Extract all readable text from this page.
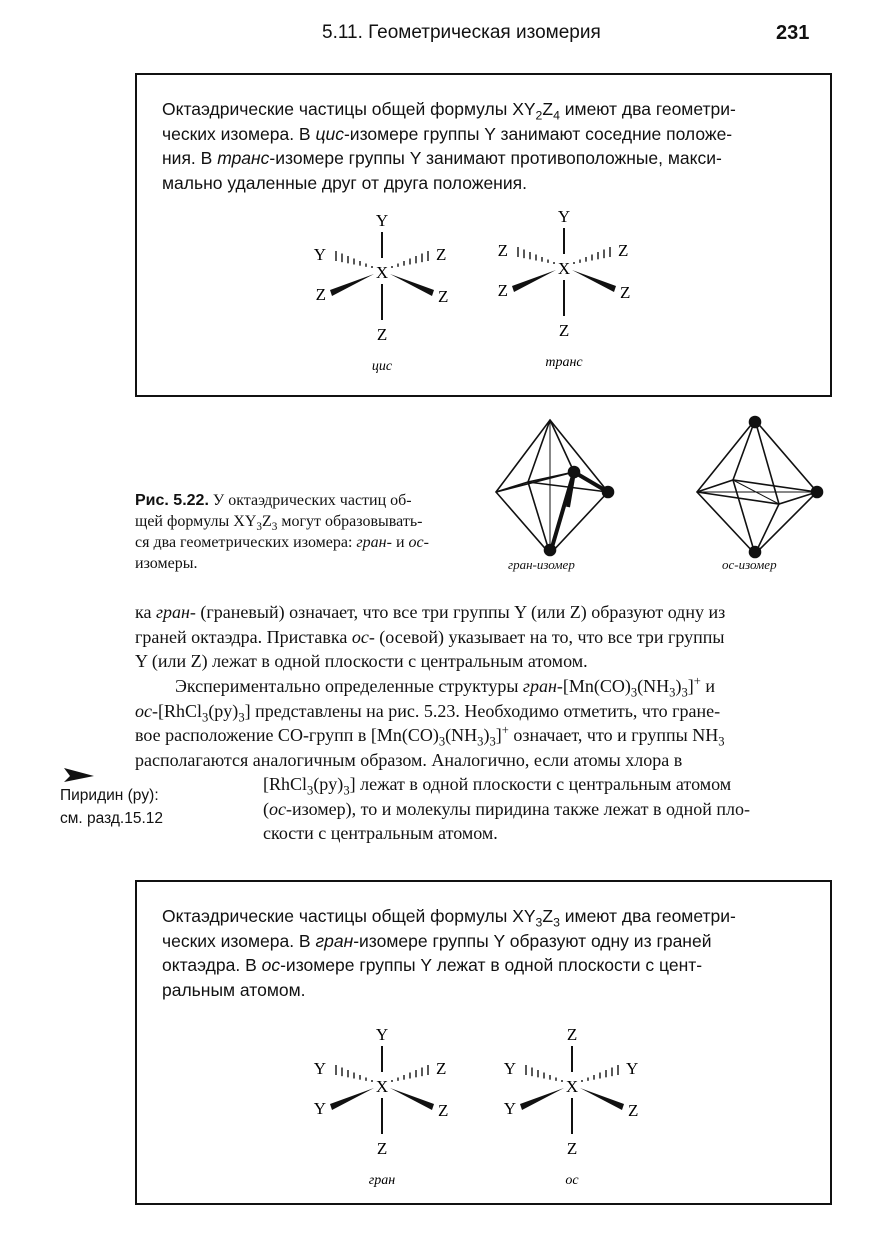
5.11. Геометрическая изомерия	231

Октаэдрические частицы общей формулы $XY_2Z_4$ имеют два геометри-

ческих изомера. В цис-изомере группы Y занимают соседние положе-

ния. В транс-изомере группы Y занимают противоположные, макси-

мально удаленные друг от друга положения.

X
Y
Z
Y	Z
Z	Z
цис
X
Y
Z
Z	Z
Z	Z
транс
Рис. 5.22. У октаэдрических частиц об-
щей формулы $XY_3Z_3$ могут образовывать-
ся два геометрических изомера: гран- и ос-
изомеры.	гран-изомер	ос-изомер
ка гран- (граневый) означает, что все три группы Y (или Z) образуют одну из
граней октаэдра. Приставка ос- (осевой) указывает на то, что все три группы
Y (или Z) лежат в одной плоскости с центральным атомом.
Экспериментально определенные структуры гран-$[Mn(CO)_3(NH_3)_3]^+$ и
$ос-[RhCl_3(py)_3]$ представлены на рис. 5.23. Необходимо отметить, что гране-
вое расположение CO-групп в $[Mn(CO)_3(NH_3)_3]^+$ означает, что и группы $NH_3$
располагаются аналогичным образом. Аналогично, если атомы хлора в
$[RhCl_3(py)_3]$ лежат в одной плоскости с центральным атомом
(ос-изомер), то и молекулы пиридина также лежат в одной пло-
скости с центральным атомом.
Пиридин (py):
см. разд.15.12

Октаэдрические частицы общей формулы $XY_3Z_3$ имеют два геометри-

ческих изомера. В гран-изомере группы Y образуют одну из граней

октаэдра. В ос-изомере группы Y лежат в одной плоскости с цент-

ральным атомом.

X
Y
Z
Y	Z
Y	Z
гран
X
Z
Z
Y	Y
Y	Z
ос
